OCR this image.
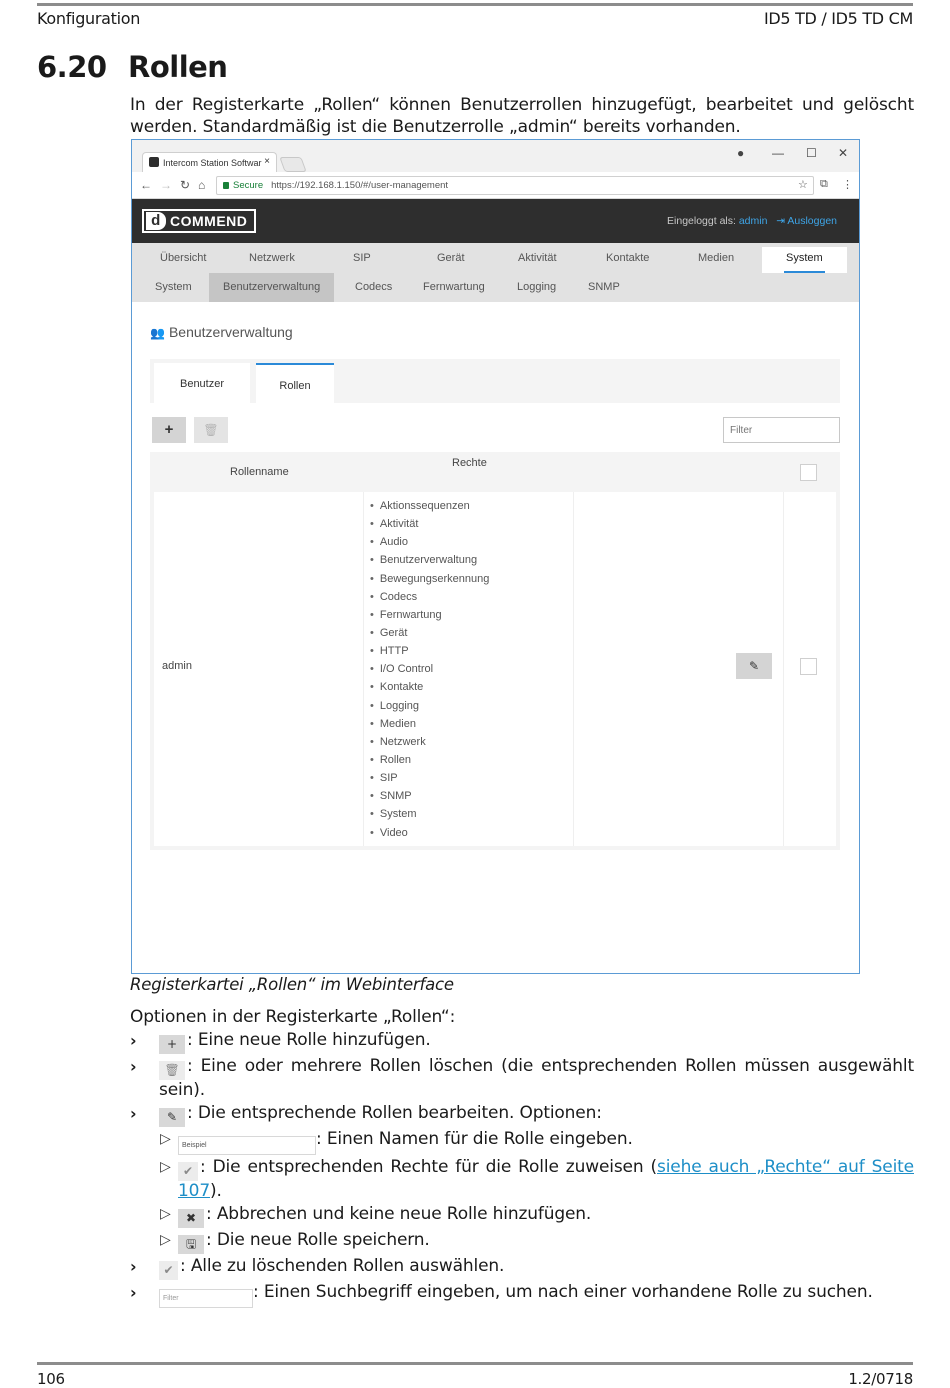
Konfiguration	ID5 TD / ID5 TD CM
6.20 Rollen

In der Registerkarte „Rollen“ können Benutzerrollen hinzugefügt, bearbeitet und gelöscht werden. Standardmäßig ist die Benutzerrolle „admin“ bereits vorhanden.

Intercom Station Softwar ×
● — ☐ ✕
← → ↻ ⌂	Secure https://192.168.1.150/#/user-management	☆ ⧉ ⋮
d COMMEND	Eingeloggt als: admin ⇥ Ausloggen
Übersicht	Netzwerk	SIP	Gerät	Aktivität	Kontakte	Medien	System
System	Benutzerverwaltung	Codecs	Fernwartung	Logging	SNMP
👥 Benutzerverwaltung
Benutzer	Rollen
+	🗑
Filter
Rollenname
Rechte
admin
• Aktionssequenzen
• Aktivität
• Audio
• Benutzerverwaltung
• Bewegungserkennung
• Codecs
• Fernwartung
• Gerät
• HTTP
• I/O Control
• Kontakte
• Logging
• Medien
• Netzwerk
• Rollen
• SIP
• SNMP
• System
• Video
✎
Registerkartei „Rollen“ im Webinterface
Optionen in der Registerkarte „Rollen“:
›	+ : Eine neue Rolle hinzufügen.
› 🗑 : Eine oder mehrere Rollen löschen (die entsprechenden Rollen müssen ausgewählt sein).
›	✎ : Die entsprechende Rollen bearbeiten. Optionen:
▷ Beispiel	: Einen Namen für die Rolle eingeben.
▷ ✔ : Die entsprechenden Rechte für die Rolle zuweisen (siehe auch „Rechte“ auf Seite 107).
▷ ✖ : Abbrechen und keine neue Rolle hinzufügen.
▷ 🖫 : Die neue Rolle speichern.
› ✔ : Alle zu löschenden Rollen auswählen.
›	Filter	: Einen Suchbegriff eingeben, um nach einer vorhandene Rolle zu suchen.
106	1.2/0718
